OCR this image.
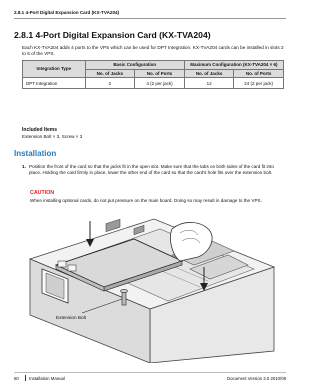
2.8.1 4-Port Digital Expansion Card (KX-TVA204)
2.8.1 4-Port Digital Expansion Card (KX-TVA204)
Each KX-TVA204 adds 4 ports to the VPS which can be used for DPT Integration. KX-TVA204 cards can be installed in slots 2 to 6 of the VPS.
Integration Type	Basic Configuration		Maximum Configuration (KX-TVA204 × 6)	
	No. of Jacks	No. of Ports	No. of Jacks	No. of Ports
DPT Integration	2	4 (2 per jack)	12	24 (2 per jack)
Included Items
Extension Bolt × 3, Screw × 3
Installation
1. Position the front of the card so that the jacks fit in the open slot. Make sure that the tabs on both sides of the card fit into place. Holding the card firmly in place, lower the other end of the card so that the card's hole fits over the extension bolt.
CAUTION
When installing optional cards, do not put pressure on the main board. Doing so may result in damage to the VPS.
Extension Bolt
60 Installation Manual	Document Version 3.0 2010/08
